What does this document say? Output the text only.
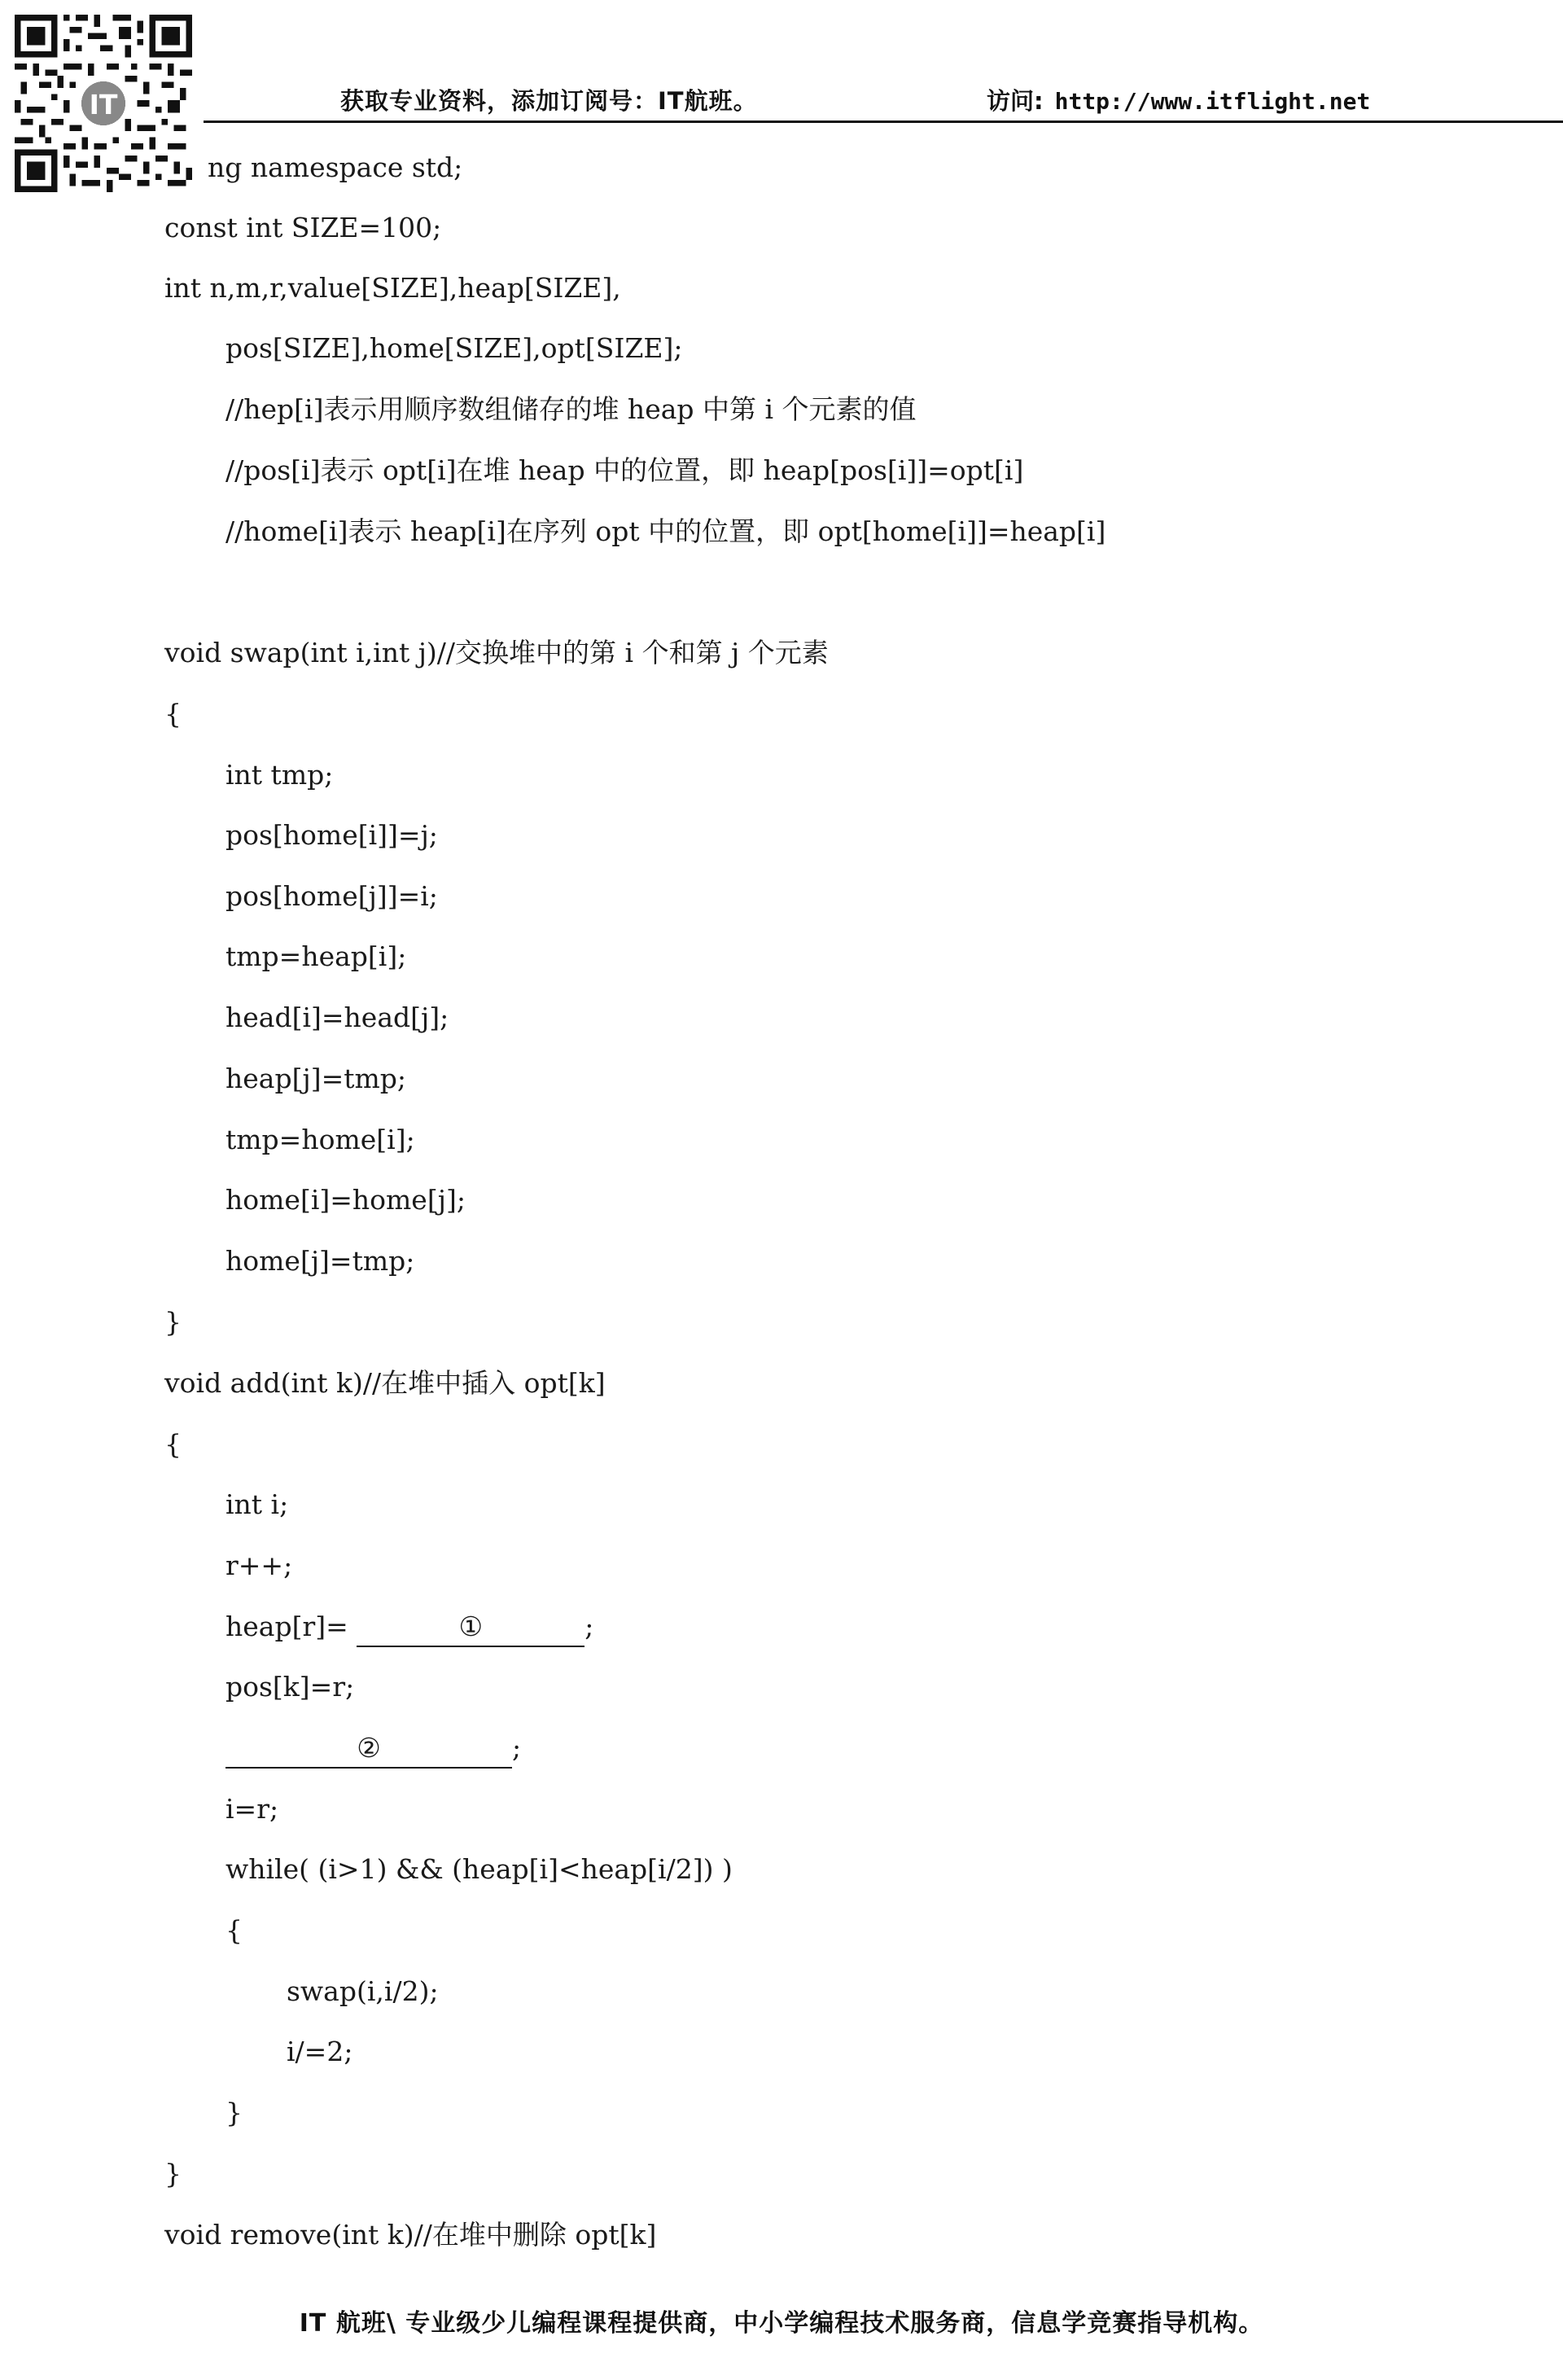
IT	获取专业资料，添加订阅号：IT航班。	访问: http://www.itflight.net
ng namespace std;
const int SIZE=100;
int n,m,r,value[SIZE],heap[SIZE],
pos[SIZE],home[SIZE],opt[SIZE];
//hep[i]表示用顺序数组储存的堆 heap 中第 i 个元素的值
//pos[i]表示 opt[i]在堆 heap 中的位置，即 heap[pos[i]]=opt[i]
//home[i]表示 heap[i]在序列 opt 中的位置，即 opt[home[i]]=heap[i]
void swap(int i,int j)//交换堆中的第 i 个和第 j 个元素
{
int tmp;
pos[home[i]]=j;
pos[home[j]]=i;
tmp=heap[i];
head[i]=head[j];
heap[j]=tmp;
tmp=home[i];
home[i]=home[j];
home[j]=tmp;
}
void add(int k)//在堆中插入 opt[k]
{
int i;
r++;
heap[r]=	①	;
pos[k]=r;
②	;
i=r;
while( (i>1) && (heap[i]<heap[i/2]) )
{
swap(i,i/2);
i/=2;
}
}
void remove(int k)//在堆中删除 opt[k]
IT 航班\ 专业级少儿编程课程提供商，中小学编程技术服务商，信息学竞赛指导机构。
